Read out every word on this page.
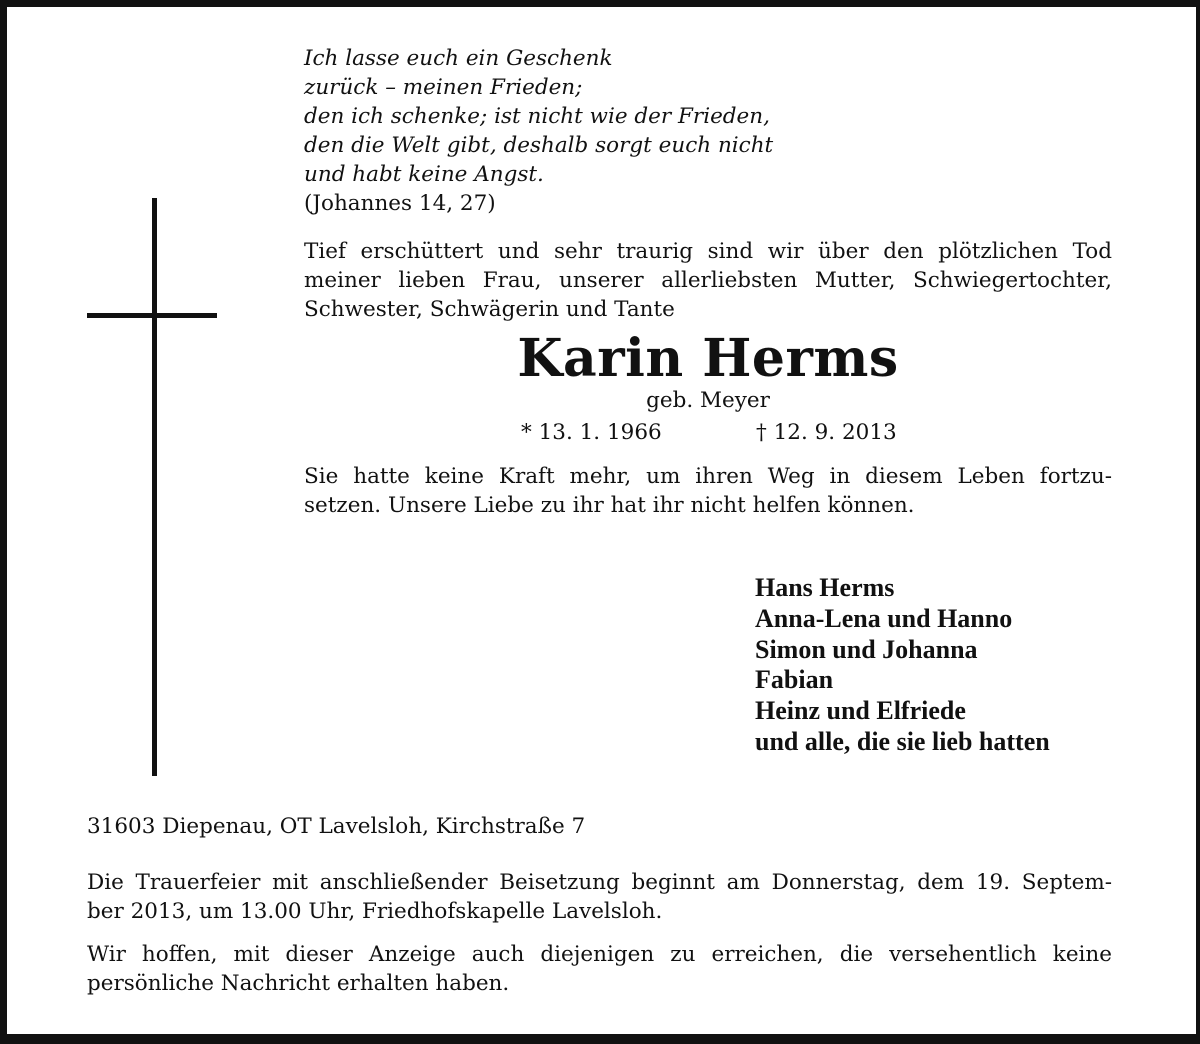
Ich lasse euch ein Geschenk
zurück – meinen Frieden;
den ich schenke; ist nicht wie der Frieden,
den die Welt gibt, deshalb sorgt euch nicht
und habt keine Angst.
(Johannes 14, 27)
Tief erschüttert und sehr traurig sind wir über den plötzlichen Tod
meiner lieben Frau, unserer allerliebsten Mutter, Schwiegertochter,
Schwester, Schwägerin und Tante
Karin Herms
geb. Meyer
* 13. 1. 1966	† 12. 9. 2013
Sie hatte keine Kraft mehr, um ihren Weg in diesem Leben fortzu-
setzen. Unsere Liebe zu ihr hat ihr nicht helfen können.
Hans Herms
Anna-Lena und Hanno
Simon und Johanna
Fabian
Heinz und Elfriede
und alle, die sie lieb hatten
31603 Diepenau, OT Lavelsloh, Kirchstraße 7
Die Trauerfeier mit anschließender Beisetzung beginnt am Donnerstag, dem 19. Septem-
ber 2013, um 13.00 Uhr, Friedhofskapelle Lavelsloh.
Wir hoffen, mit dieser Anzeige auch diejenigen zu erreichen, die versehentlich keine
persönliche Nachricht erhalten haben.
